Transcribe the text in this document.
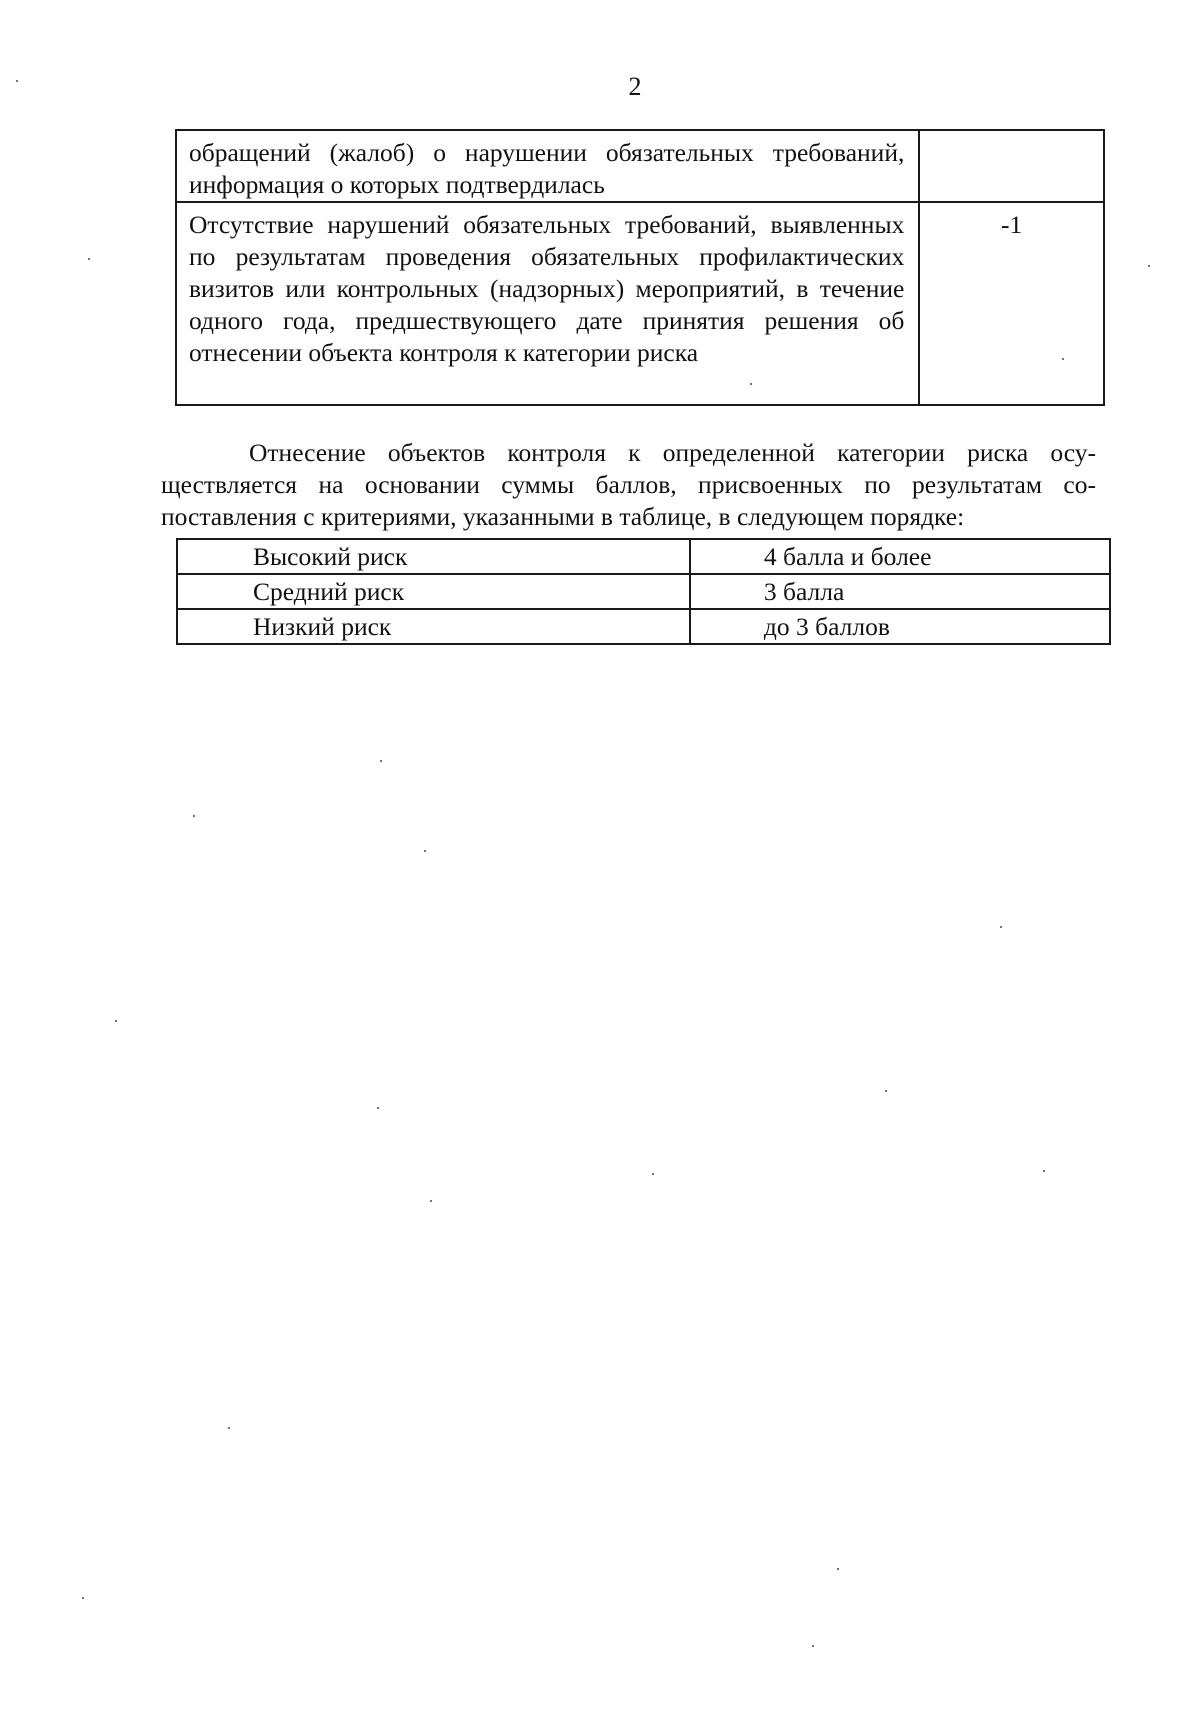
2
обращений (жалоб) о нарушении обязательных требований, информация о которых подтвердилась	
Отсутствие нарушений обязательных требований, выявленных по результатам проведения обязательных профилактических визитов или контрольных (надзорных) мероприятий, в течение одного года, предшествующего дате принятия решения об отнесении объекта контроля к категории риска	-1

Отнесение объектов контроля к определенной категории риска осуществляется на основании суммы баллов, присвоенных по результатам сопоставления с критериями, указанными в таблице, в следующем порядке:

Высокий риск	4 балла и более
Средний риск	3 балла
Низкий риск	до 3 баллов
